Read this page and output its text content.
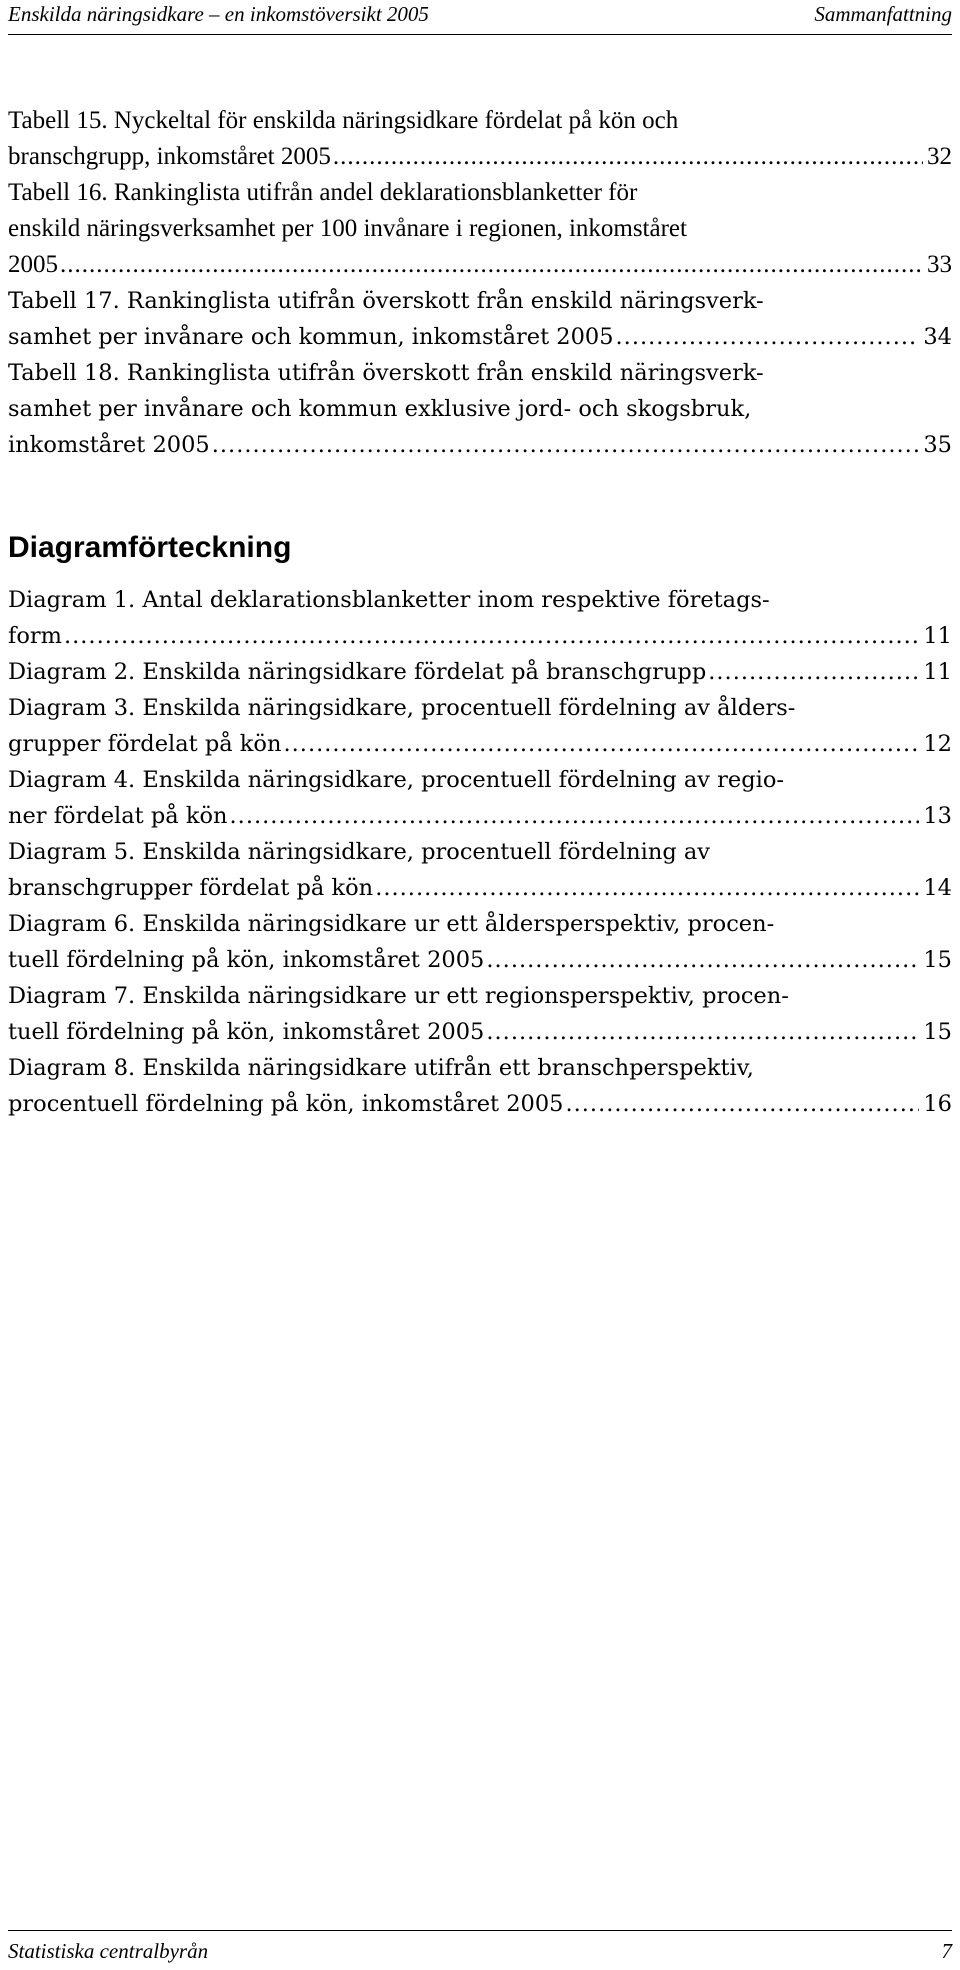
Enskilda näringsidkare – en inkomstöversikt 2005	Sammanfattning
Tabell 15. Nyckeltal för enskilda näringsidkare fördelat på kön och
branschgrupp, inkomståret 2005 .....	32
Tabell 16. Rankinglista utifrån andel deklarationsblanketter för
enskild näringsverksamhet per 100 invånare i regionen, inkomståret
2005 .....	33
Tabell 17. Rankinglista utifrån överskott från enskild näringsverk-
samhet per invånare och kommun, inkomståret 2005 .....	34
Tabell 18. Rankinglista utifrån överskott från enskild näringsverk-
samhet per invånare och kommun exklusive jord- och skogsbruk,
inkomståret 2005 .....	35
Diagramförteckning
Diagram 1. Antal deklarationsblanketter inom respektive företags-
form .....	11
Diagram 2. Enskilda näringsidkare fördelat på branschgrupp .....	11
Diagram 3. Enskilda näringsidkare, procentuell fördelning av ålders-
grupper fördelat på kön .....	12
Diagram 4. Enskilda näringsidkare, procentuell fördelning av regio-
ner fördelat på kön .....	13
Diagram 5. Enskilda näringsidkare, procentuell fördelning av
branschgrupper fördelat på kön .....	14
Diagram 6. Enskilda näringsidkare ur ett åldersperspektiv, procen-
tuell fördelning på kön, inkomståret 2005 .....	15
Diagram 7. Enskilda näringsidkare ur ett regionsperspektiv, procen-
tuell fördelning på kön, inkomståret 2005 .....	15
Diagram 8. Enskilda näringsidkare utifrån ett branschperspektiv,
procentuell fördelning på kön, inkomståret 2005 .....	16
Statistiska centralbyrån	7
